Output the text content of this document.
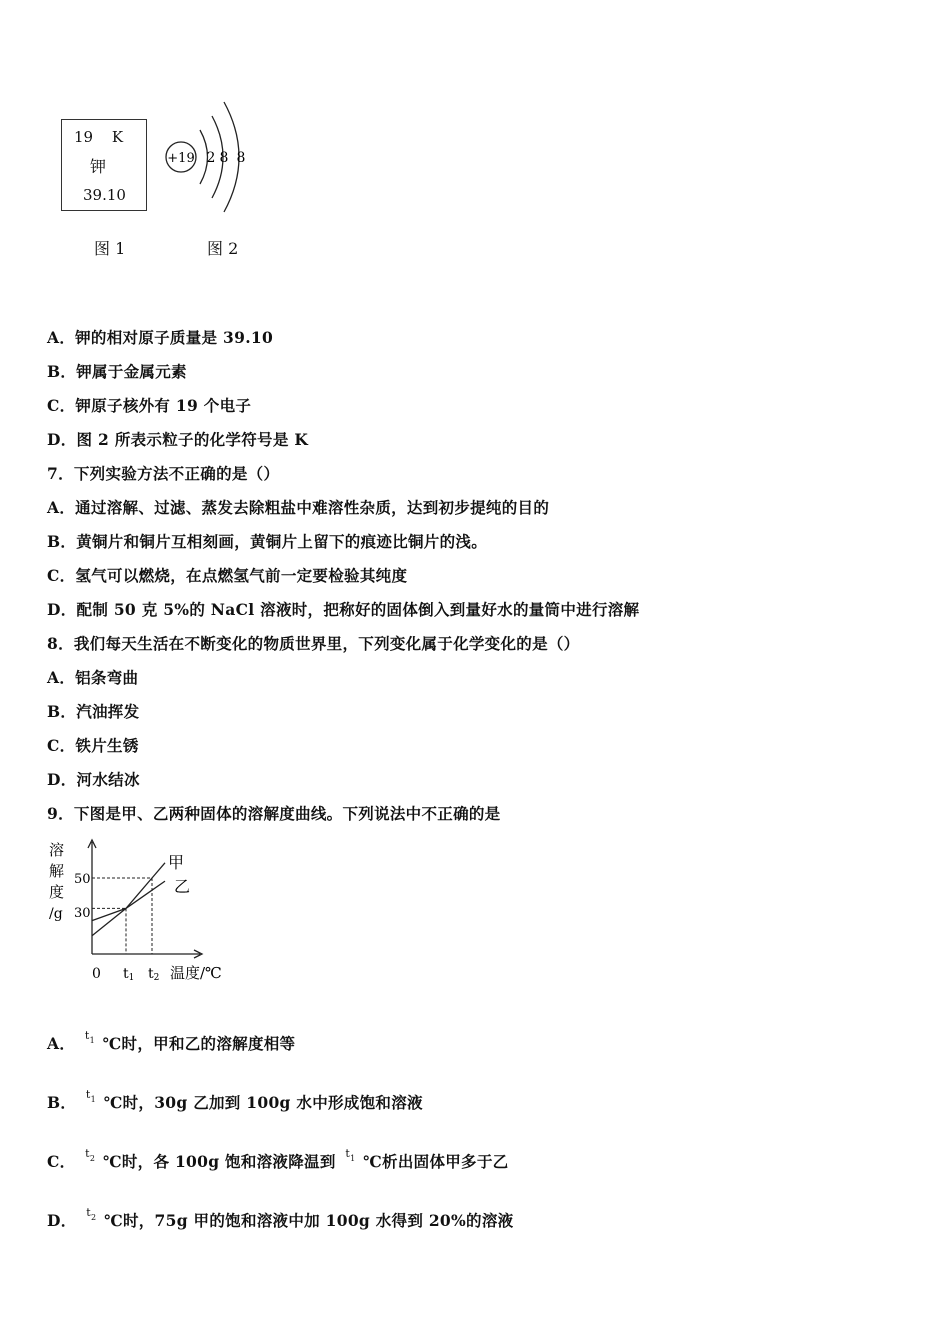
19 K
钾
39.10
图 1
+19 2 8 8
图 2
A．钾的相对原子质量是 39.10
B．钾属于金属元素
C．钾原子核外有 19 个电子
D．图 2 所表示粒子的化学符号是 K
7．下列实验方法不正确的是（）
A．通过溶解、过滤、蒸发去除粗盐中难溶性杂质，达到初步提纯的目的
B．黄铜片和铜片互相刻画，黄铜片上留下的痕迹比铜片的浅。
C．氢气可以燃烧，在点燃氢气前一定要检验其纯度
D．配制 50 克 5%的 NaCl 溶液时，把称好的固体倒入到量好水的量筒中进行溶解
8．我们每天生活在不断变化的物质世界里，下列变化属于化学变化的是（）
A．铝条弯曲
B．汽油挥发
C．铁片生锈
D．河水结冰
9．下图是甲、乙两种固体的溶解度曲线。下列说法中不正确的是
溶
解
度
/g
50
30
0 t1 t2 温度/℃
甲
乙
A． $^{t_1}$ ℃时，甲和乙的溶解度相等
B． $^{t_1}$ ℃时，30g 乙加到 100g 水中形成饱和溶液
C． $^{t_2}$ ℃时，各 100g 饱和溶液降温到 $^{t_1}$ ℃析出固体甲多于乙
D． $^{t_2}$ ℃时，75g 甲的饱和溶液中加 100g 水得到 20%的溶液
